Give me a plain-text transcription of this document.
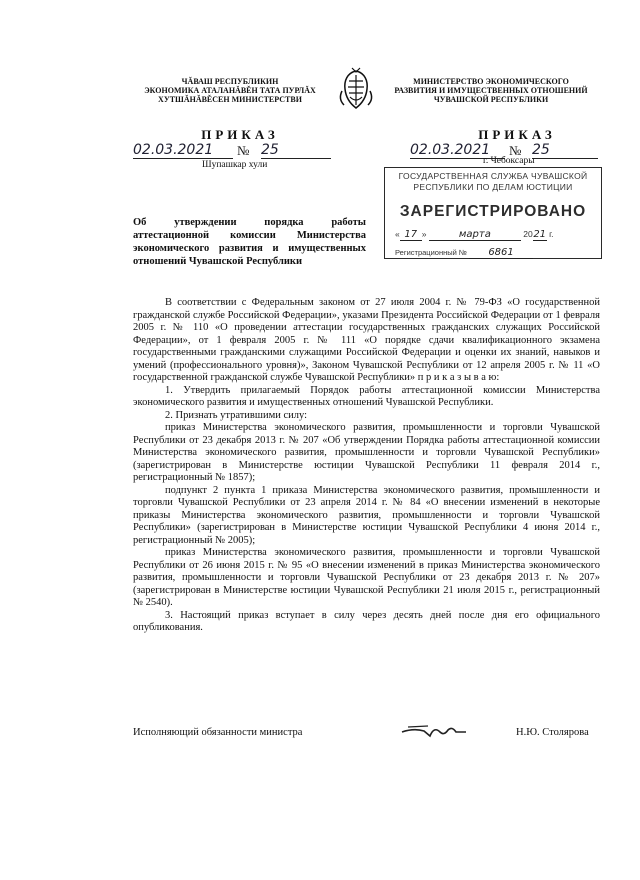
ЧĂВАШ РЕСПУБЛИКИН
ЭКОНОМИКА АТАЛАНĂВĚН ТАТА ПУРЛĂХ
ХУТШĂНĂВĚСЕН МИНИСТЕРСТВИ
МИНИСТЕРСТВО ЭКОНОМИЧЕСКОГО
РАЗВИТИЯ И ИМУЩЕСТВЕННЫХ ОТНОШЕНИЙ
ЧУВАШСКОЙ РЕСПУБЛИКИ
ПРИКАЗ
02.03.2021	№ 25
Шупашкар хули
ПРИКАЗ
02.03.2021	№ 25
г. Чебоксары
ГОСУДАРСТВЕННАЯ СЛУЖБА ЧУВАШСКОЙ
РЕСПУБЛИКИ ПО ДЕЛАМ ЮСТИЦИИ
ЗАРЕГИСТРИРОВАНО
« 17 »	марта	2021 г.
Регистрационный № 6861
Об утверждении порядка работы аттестационной комиссии Министерства экономического развития и имущественных отношений Чувашской Республики

В соответствии с Федеральным законом от 27 июля 2004 г. № 79-ФЗ «О государственной гражданской службе Российской Федерации», указами Президента Российской Федерации от 1 февраля 2005 г. № 110 «О проведении аттестации государственных гражданских служащих Российской Федерации», от 1 февраля 2005 г. № 111 «О порядке сдачи квалификационного экзамена государственными гражданскими служащими Российской Федерации и оценки их знаний, навыков и умений (профессионального уровня)», Законом Чувашской Республики от 12 апреля 2005 г. № 11 «О государственной гражданской службе Чувашской Республики» п р и к а з ы в а ю:

1. Утвердить прилагаемый Порядок работы аттестационной комиссии Министерства экономического развития и имущественных отношений Чувашской Республики.

2. Признать утратившими силу:

приказ Министерства экономического развития, промышленности и торговли Чувашской Республики от 23 декабря 2013 г. № 207 «Об утверждении Порядка работы аттестационной комиссии Министерства экономического развития, промышленности и торговли Чувашской Республики» (зарегистрирован в Министерстве юстиции Чувашской Республики 11 февраля 2014 г., регистрационный № 1857);

подпункт 2 пункта 1 приказа Министерства экономического развития, промышленности и торговли Чувашской Республики от 23 апреля 2014 г. № 84 «О внесении изменений в некоторые приказы Министерства экономического развития, промышленности и торговли Чувашской Республики» (зарегистрирован в Министерстве юстиции Чувашской Республики 4 июня 2014 г., регистрационный № 2005);

приказ Министерства экономического развития, промышленности и торговли Чувашской Республики от 26 июня 2015 г. № 95 «О внесении изменений в приказ Министерства экономического развития, промышленности и торговли Чувашской Республики от 23 декабря 2013 г. № 207» (зарегистрирован в Министерстве юстиции Чувашской Республики 21 июля 2015 г., регистрационный № 2540).

3. Настоящий приказ вступает в силу через десять дней после дня его официального опубликования.

Исполняющий обязанности министра	Н.Ю. Столярова
